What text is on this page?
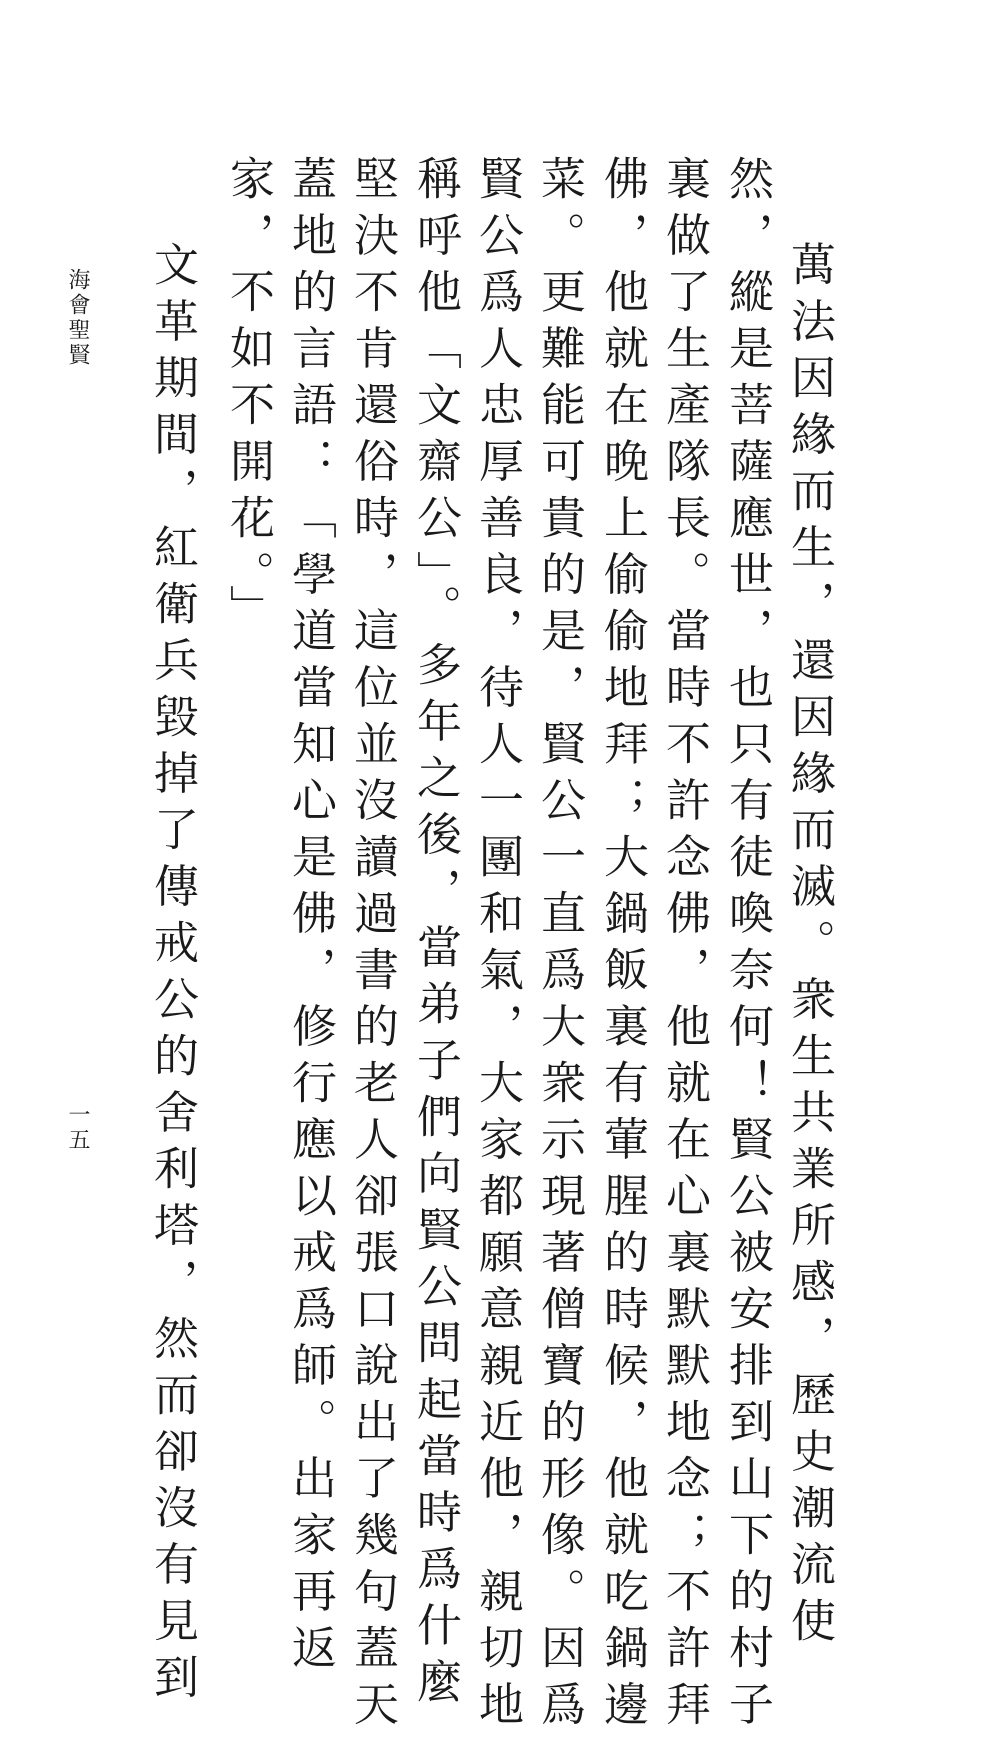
萬法因緣而生，還因緣而滅。衆生共業所感，歷史潮流使
然，縱是菩薩應世，也只有徒喚奈何！賢公被安排到山下的村子
裏做了生產隊長。當時不許念佛，他就在心裏默默地念；不許拜
佛，他就在晚上偷偷地拜；大鍋飯裏有葷腥的時候，他就吃鍋邊
菜。更難能可貴的是，賢公一直爲大衆示現著僧寶的形像。因爲
賢公爲人忠厚善良，待人一團和氣，大家都願意親近他，親切地
稱呼他「文齋公」。多年之後，當弟子們向賢公問起當時爲什麼
堅決不肯還俗時，這位並沒讀過書的老人卻張口說出了幾句蓋天
蓋地的言語：「學道當知心是佛，修行應以戒爲師。出家再返
家，不如不開花。」
文革期間，紅衛兵毀掉了傳戒公的舍利塔，然而卻沒有見到
海會聖賢
一五
